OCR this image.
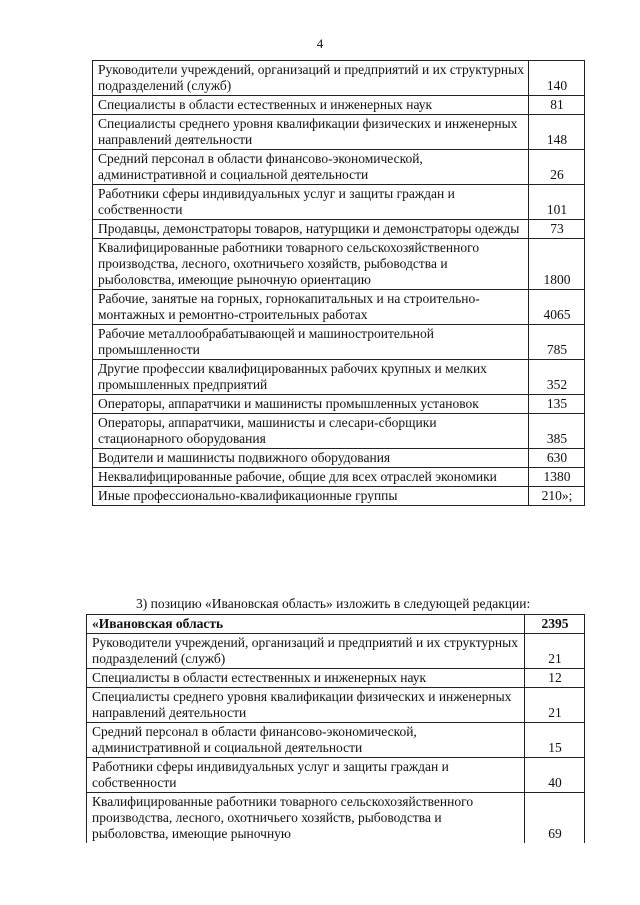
4
Руководители учреждений, организаций и предприятий и их структурных подразделений (служб)	140
Специалисты в области естественных и инженерных наук	81
Специалисты среднего уровня квалификации физических и инженерных направлений деятельности	148
Средний персонал в области финансово-экономической, административной и социальной деятельности	26
Работники сферы индивидуальных услуг и защиты граждан и собственности	101
Продавцы, демонстраторы товаров, натурщики и демонстраторы одежды	73
Квалифицированные работники товарного сельскохозяйственного производства, лесного, охотничьего хозяйств, рыбоводства и рыболовства, имеющие рыночную ориентацию	1800
Рабочие, занятые на горных, горнокапитальных и на строительно-монтажных и ремонтно-строительных работах	4065
Рабочие металлообрабатывающей и машиностроительной промышленности	785
Другие профессии квалифицированных рабочих крупных и мелких промышленных предприятий	352
Операторы, аппаратчики и машинисты промышленных установок	135
Операторы, аппаратчики, машинисты и слесари-сборщики стационарного оборудования	385
Водители и машинисты подвижного оборудования	630
Неквалифицированные рабочие, общие для всех отраслей экономики	1380
Иные профессионально-квалификационные группы	210»;
3) позицию «Ивановская область» изложить в следующей редакции:
«Ивановская область	2395
Руководители учреждений, организаций и предприятий и их структурных подразделений (служб)	21
Специалисты в области естественных и инженерных наук	12
Специалисты среднего уровня квалификации физических и инженерных направлений деятельности	21
Средний персонал в области финансово-экономической, административной и социальной деятельности	15
Работники сферы индивидуальных услуг и защиты граждан и собственности	40
Квалифицированные работники товарного сельскохозяйственного производства, лесного, охотничьего хозяйств, рыбоводства и рыболовства, имеющие рыночную	69
